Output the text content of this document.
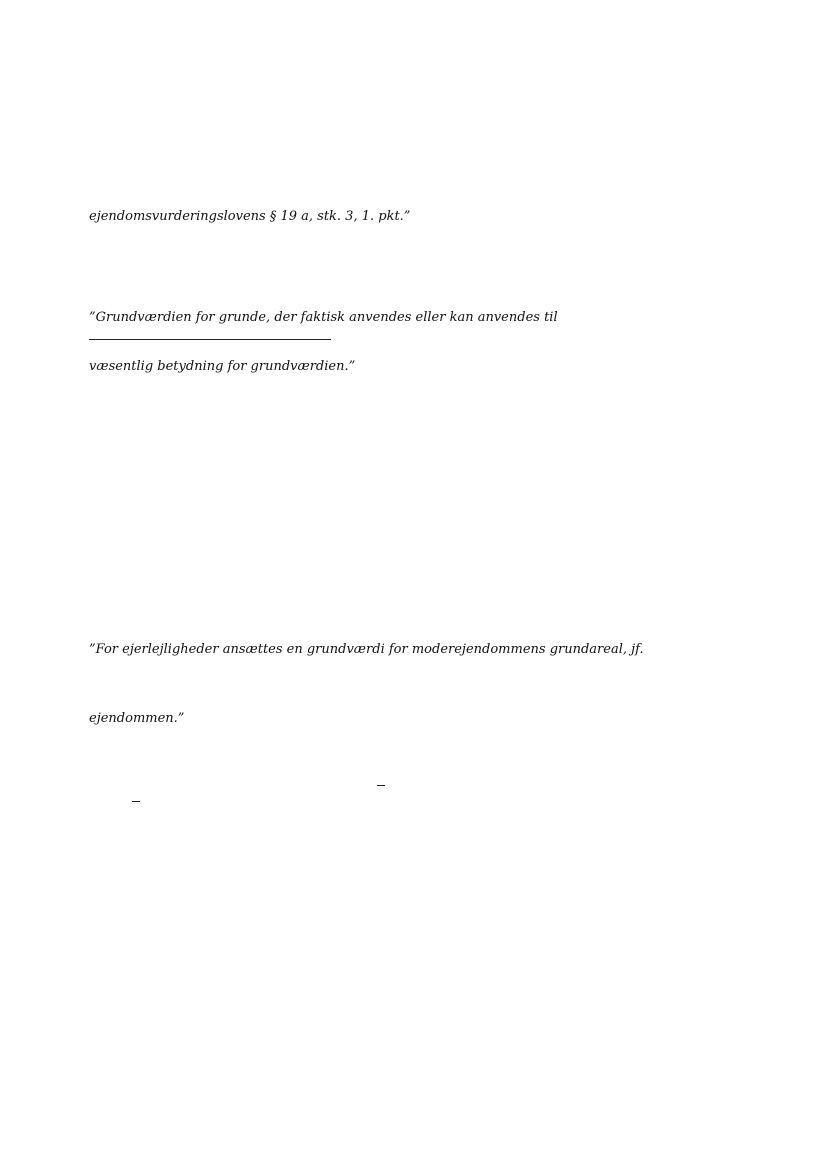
ejendomsvurderingslovens § 19 a, stk. 3, 1. pkt.”
”Grundværdien for grunde, der faktisk anvendes eller kan anvendes til
væsentlig betydning for grundværdien.”
”For ejerlejligheder ansættes en grundværdi for moderejendommens grundareal, jf.
ejendommen.”
